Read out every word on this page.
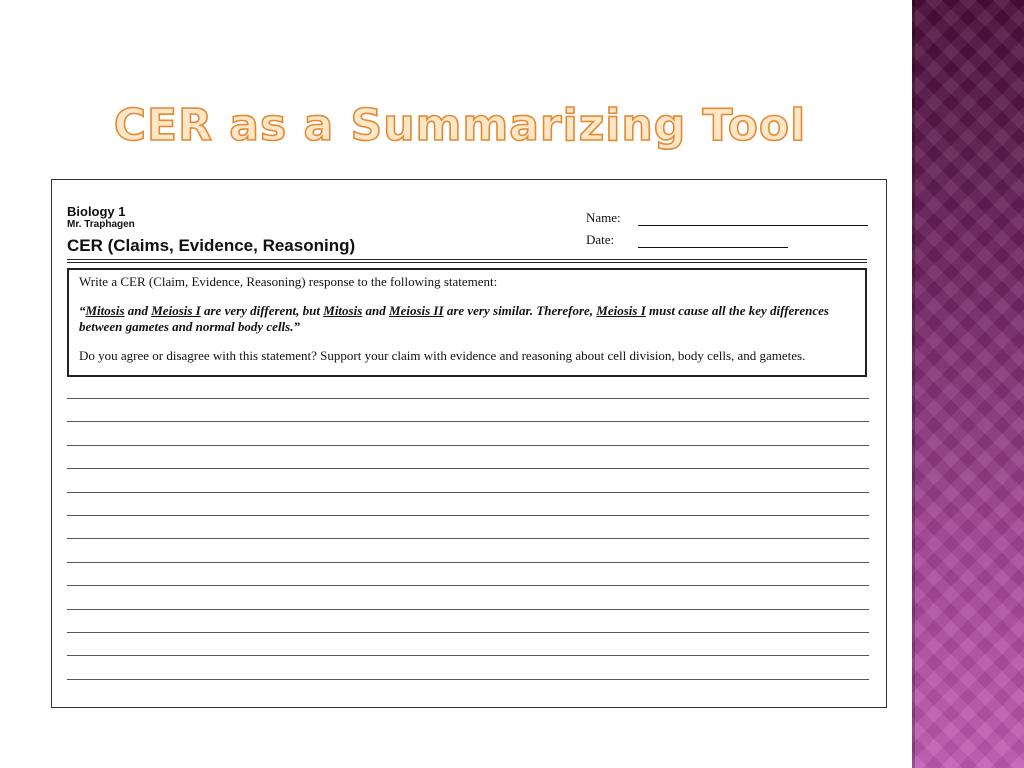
CER as a Summarizing Tool
Biology 1
Mr. Traphagen
CER (Claims, Evidence, Reasoning)
Name:
Date:
Write a CER (Claim, Evidence, Reasoning) response to the following statement:
“Mitosis and Meiosis I are very different, but Mitosis and Meiosis II are very similar. Therefore, Meiosis I must cause all the key differences between gametes and normal body cells.”
Do you agree or disagree with this statement? Support your claim with evidence and reasoning about cell division, body cells, and gametes.
